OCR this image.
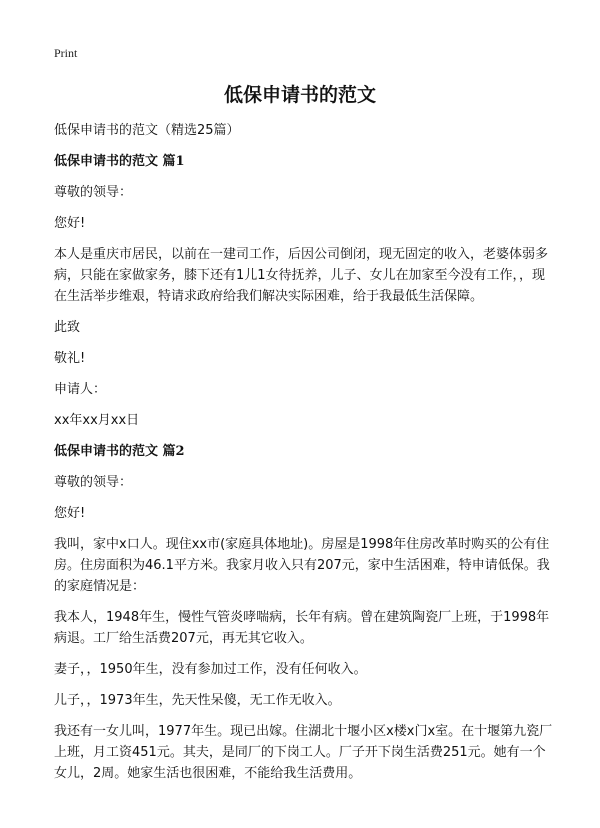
Print
低保申请书的范文

低保申请书的范文（精选25篇）

低保申请书的范文 篇1

尊敬的领导：

您好!

本人是重庆市居民，以前在一建司工作，后因公司倒闭，现无固定的收入，老婆体弱多病，只能在家做家务，膝下还有1儿1女待抚养，儿子、女儿在加家至今没有工作，，现在生活举步维艰，特请求政府给我们解决实际困难，给于我最低生活保障。

此致

敬礼!

申请人：

xx年xx月xx日

低保申请书的范文 篇2

尊敬的领导：

您好!

我叫，家中x口人。现住xx市(家庭具体地址)。房屋是1998年住房改革时购买的公有住房。住房面积为46.1平方米。我家月收入只有207元，家中生活困难，特申请低保。我的家庭情况是：

我本人，1948年生，慢性气管炎哮喘病，长年有病。曾在建筑陶瓷厂上班，于1998年病退。工厂给生活费207元，再无其它收入。

妻子，，1950年生，没有参加过工作，没有任何收入。

儿子，，1973年生，先天性呆傻，无工作无收入。

我还有一女儿叫，1977年生。现已出嫁。住湖北十堰小区x楼x门x室。在十堰第九瓷厂上班，月工资451元。其夫，是同厂的下岗工人。厂子开下岗生活费251元。她有一个女儿，2周。她家生活也很困难，不能给我生活费用。
